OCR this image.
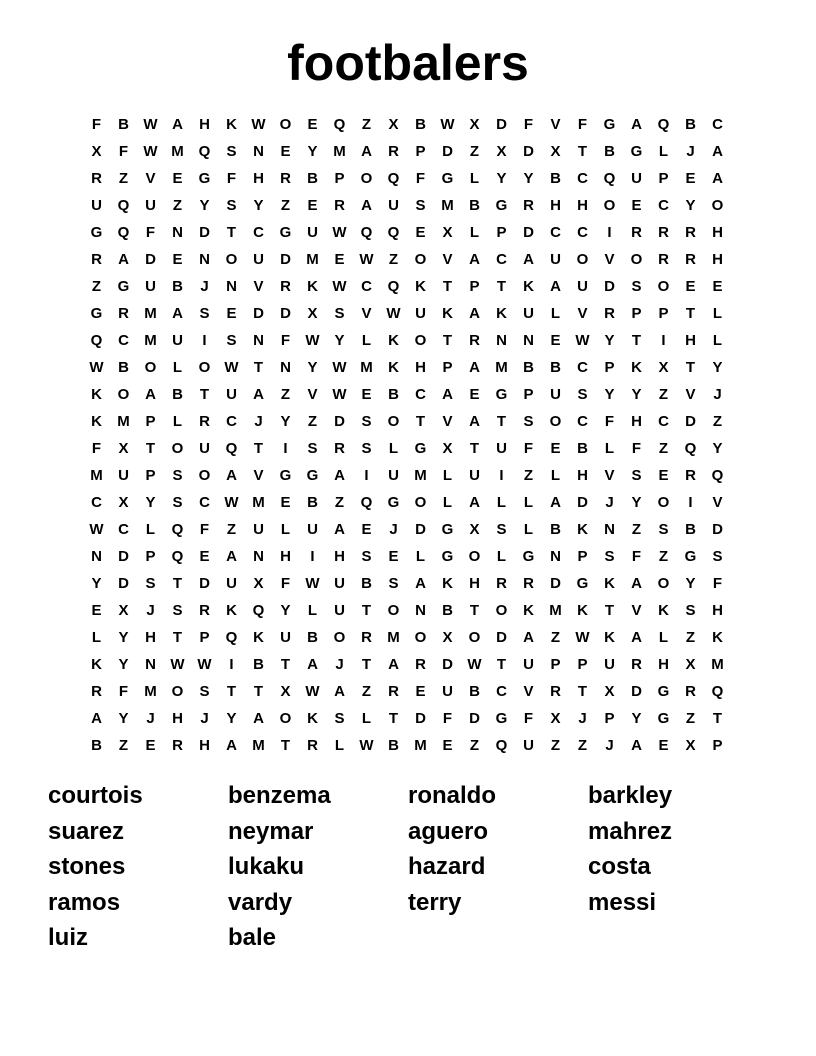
footbalers
F	B W A	H	K W O	E	Q	Z	X	B W X	D	F	V	F	G	A	Q	B	C
X	F	W M Q	S	N	E	Y	M	A	R	P	D	Z	X	D	X	T	B	G	L	J	A
R	Z	V	E	G	F	H	R	B	P	O	Q	F	G	L	Y	Y	B	C	Q	U	P	E	A
U	Q	U	Z	Y	S	Y	Z	E	R	A	U	S	M	B	G	R	H	H	O	E	C	Y	O
G	Q	F	N	D	T	C	G	U W Q	Q	E	X	L	P	D	C	C	I	R	R	R	H
R	A	D	E	N	O	U	D	M	E W	Z	O	V	A	C	A	U	O	V	O	R	R	H
Z	G	U	B	J	N	V	R	K W C	Q	K	T	P	T	K	A	U	D	S	O	E	E
G	R	M	A	S	E	D	D	X	S	V W U	K	A	K	U	L	V	R	P	P	T	L
Q	C	M	U	I	S	N	F	W Y	L	K	O	T	R	N	N	E W Y	T	I	H	L
W B	O	L	O W	T	N	Y W M	K	H	P	A	M	B	B	C	P	K	X	T	Y
K	O	A	B	T	U	A	Z	V W E	B	C	A	E	G	P	U	S	Y	Y	Z	V	J
K	M	P	L	R	C	J	Y	Z	D	S	O	T	V	A	T	S	O	C	F	H	C	D	Z
F	X	T	O	U	Q	T	I	S	R	S	L	G	X	T	U	F	E	B	L	F	Z	Q	Y
M	U	P	S	O	A	V	G	G	A	I	U	M	L	U	I	Z	L	H	V	S	E	R	Q
C	X	Y	S	C W M	E	B	Z	Q	G	O	L	A	L	L	A	D	J	Y	O	I	V
W C	L	Q	F	Z	U	L	U	A	E	J	D	G	X	S	L	B	K	N	Z	S	B	D
N	D	P	Q	E	A	N	H	I	H	S	E	L	G	O	L	G	N	P	S	F	Z	G	S
Y	D	S	T	D	U	X	F	W U	B	S	A	K	H	R	R	D	G	K	A	O	Y	F
E	X	J	S	R	K	Q	Y	L	U	T	O	N	B	T	O	K	M	K	T	V	K	S	H
L	Y	H	T	P	Q	K	U	B	O	R	M O	X	O	D	A	Z	W K	A	L	Z	K
K	Y	N W W	I	B	T	A	J	T	A	R	D W	T	U	P	P	U	R	H	X	M
R	F	M O	S	T	T	X W A	Z	R	E	U	B	C	V	R	T	X	D	G	R	Q
A	Y	J	H	J	Y	A	O	K	S	L	T	D	F	D	G	F	X	J	P	Y	G	Z	T
B	Z	E	R	H	A	M	T	R	L	W B	M	E	Z	Q	U	Z	Z	J	A	E	X	P
courtois	benzema	ronaldo	barkley
suarez	neymar	aguero	mahrez
stones	lukaku	hazard	costa
ramos	vardy	terry	messi
luiz	bale
